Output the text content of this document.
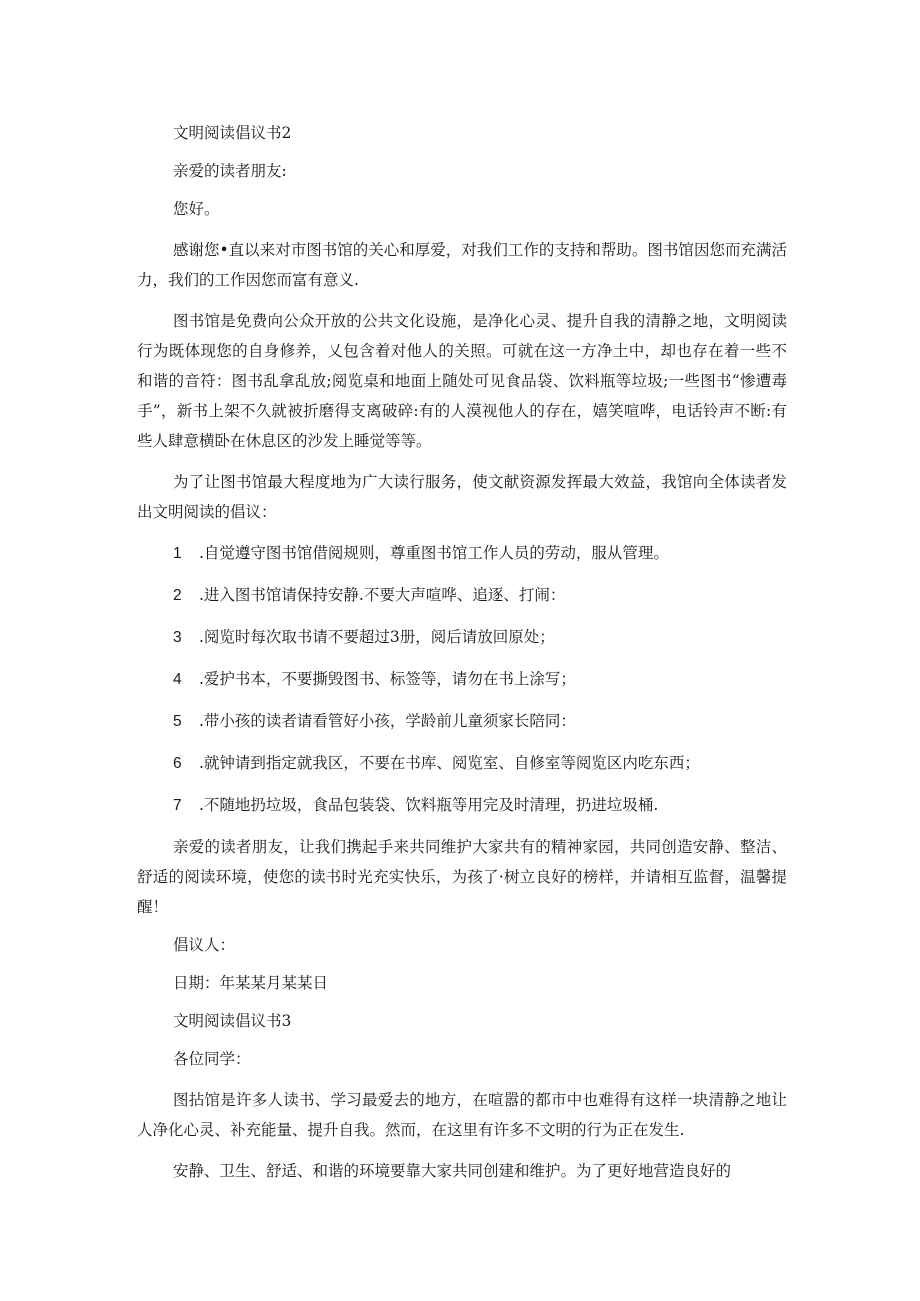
文明阅读倡议书2

亲爱的读者朋友:

您好。

感谢您•直以来对市图书馆的关心和厚爱，对我们工作的支持和帮助。图书馆因您而充满活力，我们的工作因您而富有意义.

图书馆是免费向公众开放的公共文化设施，是净化心灵、提升自我的清静之地，文明阅读行为既体现您的自身修养，乂包含着对他人的关照。可就在这一方净土中，却也存在着一些不和谐的音符：图书乱拿乱放;阅览桌和地面上随处可见食品袋、饮料瓶等垃圾;一些图书“惨遭毒手”，新书上架不久就被折磨得支离破碎:有的人漠视他人的存在，嬉笑喧哗，电话铃声不断:有些人肆意横卧在休息区的沙发上睡觉等等。

为了让图书馆最大程度地为广大读行服务，使文献资源发挥最大效益，我馆向全体读者发出文明阅读的倡议：

1 .自觉遵守图书馆借阅规则，尊重图书馆工作人员的劳动，服从管理。

2 .进入图书馆请保持安静.不要大声喧哗、追逐、打闹：

3 .阅览时每次取书请不要超过3册，阅后请放回原处；

4 .爱护书本，不要撕毁图书、标签等，请勿在书上涂写；

5 .带小孩的读者请看管好小孩，学龄前儿童须家长陪同：

6 .就钟请到指定就我区，不要在书库、阅览室、自修室等阅览区内吃东西；

7 .不随地扔垃圾，食品包装袋、饮料瓶等用完及时清理，扔进垃圾桶.

亲爱的读者朋友，让我们携起手来共同维护大家共有的精神家园，共同创造安静、整洁、舒适的阅读环境，使您的读书时光充实快乐，为孩了·树立良好的榜样，并请相互监督，温馨提醒！

倡议人：

日期：年某某月某某日

文明阅读倡议书3

各位同学：

图拈馆是许多人读书、学习最爱去的地方，在喧嚣的都市中也难得有这样一块清静之地让人净化心灵、补充能量、提升自我。然而，在这里有许多不文明的行为正在发生.

安静、卫生、舒适、和谐的环境要靠大家共同创建和维护。为了更好地营造良好的
